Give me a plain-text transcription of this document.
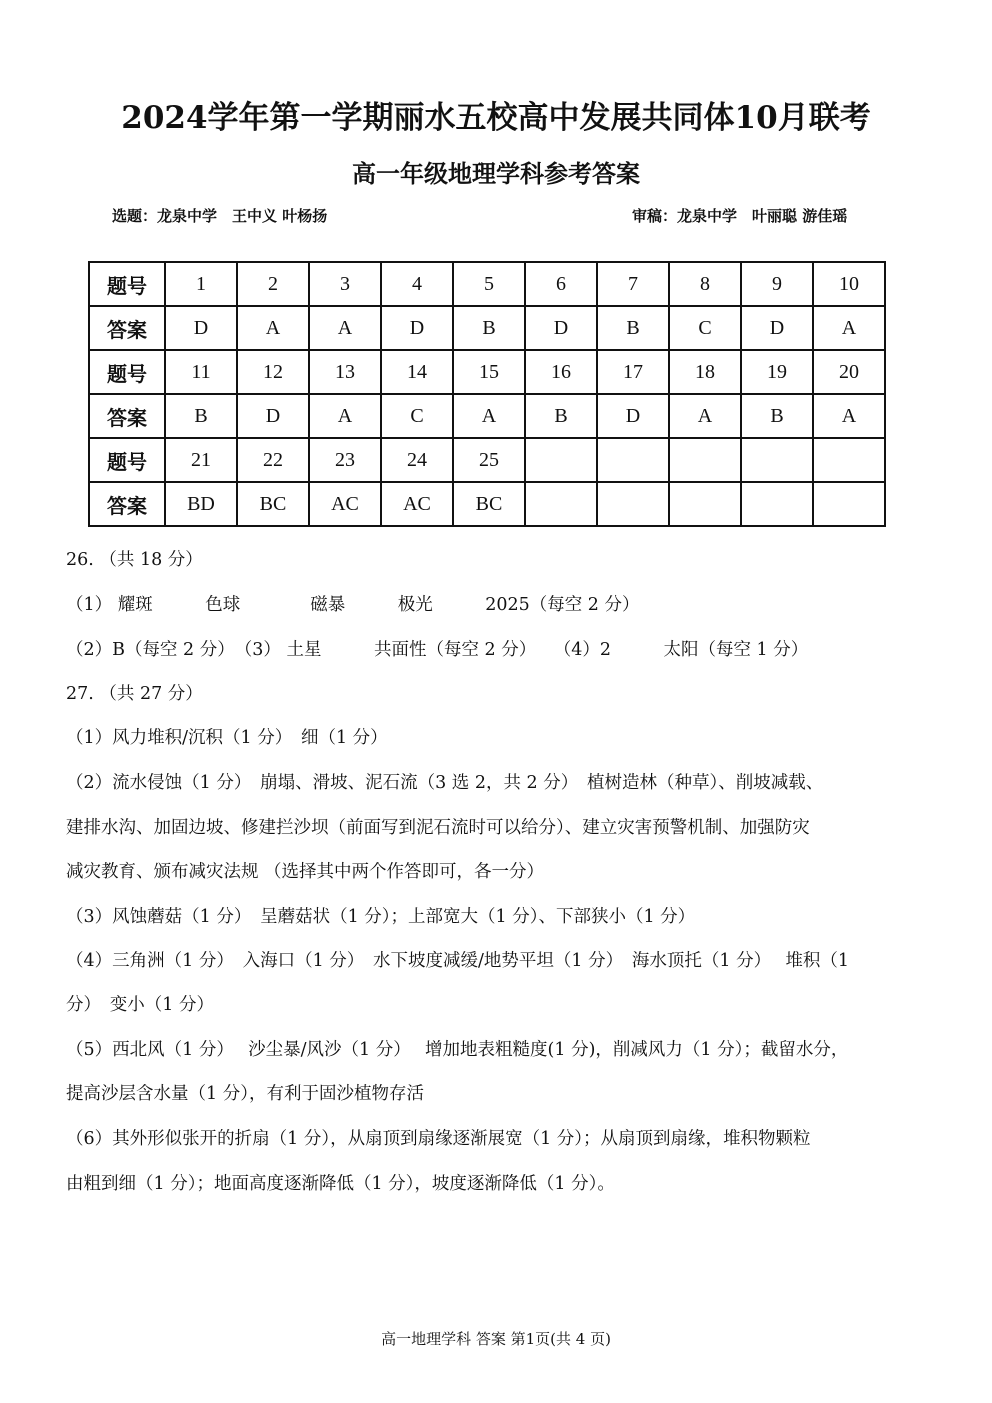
2024学年第一学期丽水五校高中发展共同体10月联考
高一年级地理学科参考答案
选题：龙泉中学　王中义 叶杨扬	审稿：龙泉中学　叶丽聪 游佳瑶
题号	1	2	3	4	5	6	7	8	9	10
答案	D	A	A	D	B	D	B	C	D	A
题号	11	12	13	14	15	16	17	18	19	20
答案	B	D	A	C	A	B	D	A	B	A
题号	21	22	23	24	25					
答案	BD	BC	AC	AC	BC					
26. （共 18 分）
（1） 耀斑　　　色球　　　　磁暴　　　极光　　　2025（每空 2 分）
（2）B（每空 2 分）　（3） 土星　　　共面性（每空 2 分）　　（4）2　　　太阳（每空 1 分）
27. （共 27 分）
（1）风力堆积/沉积（1 分）　细（1 分）
（2）流水侵蚀（1 分）　崩塌、滑坡、泥石流（3 选 2，共 2 分）　植树造林（种草）、削坡减载、
建排水沟、加固边坡、修建拦沙坝（前面写到泥石流时可以给分）、建立灾害预警机制、加强防灾
减灾教育、颁布减灾法规 （选择其中两个作答即可，各一分）
（3）风蚀蘑菇（1 分）　呈蘑菇状（1 分）；上部宽大（1 分）、下部狭小（1 分）
（4）三角洲（1 分）　入海口（1 分）　水下坡度减缓/地势平坦（1 分）　海水顶托（1 分）　 堆积（1
分）　变小（1 分）
（5）西北风（1 分）　 沙尘暴/风沙（1 分）　 增加地表粗糙度(1 分)，削减风力（1 分）；截留水分，
提高沙层含水量（1 分），有利于固沙植物存活
（6）其外形似张开的折扇（1 分），从扇顶到扇缘逐渐展宽（1 分）；从扇顶到扇缘，堆积物颗粒
由粗到细（1 分）；地面高度逐渐降低（1 分），坡度逐渐降低（1 分）。
高一地理学科 答案 第1页(共 4 页)
